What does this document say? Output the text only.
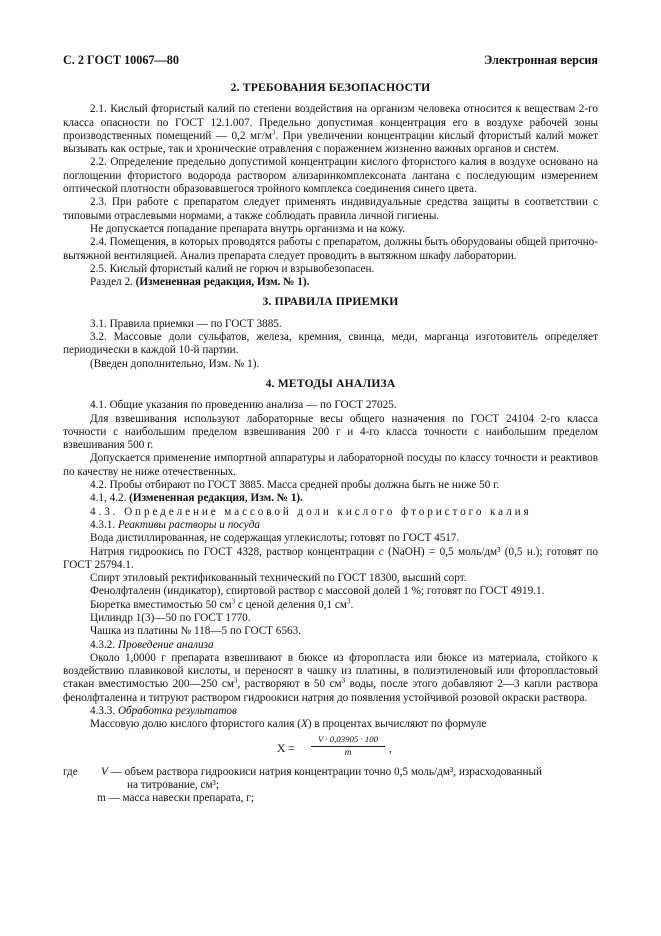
С. 2 ГОСТ 10067—80	Электронная версия
2. ТРЕБОВАНИЯ БЕЗОПАСНОСТИ

2.1. Кислый фтористый калий по степени воздействия на организм человека относится к веществам 2-го класса опасности по ГОСТ 12.1.007. Предельно допустимая концентрация его в воздухе рабочей зоны производственных помещений — 0,2 $мг/м^3$. При увеличении концентрации кислый фтористый калий может вызывать как острые, так и хронические отравления с поражением жизненно важных органов и систем.

2.2. Определение предельно допустимой концентрации кислого фтористого калия в воздухе основано на поглощении фтористого водорода раствором ализаринкомплексоната лантана с последующим измерением оптической плотности образовавшегося тройного комплекса соединения синего цвета.

2.3. При работе с препаратом следует применять индивидуальные средства защиты в соответствии с типовыми отраслевыми нормами, а также соблюдать правила личной гигиены.

Не допускается попадание препарата внутрь организма и на кожу.

2.4. Помещения, в которых проводятся работы с препаратом, должны быть оборудованы общей приточно-вытяжной вентиляцией. Анализ препарата следует проводить в вытяжном шкафу лаборатории.

2.5. Кислый фтористый калий не горюч и взрывобезопасен.

Раздел 2. (Измененная редакция, Изм. № 1).

3. ПРАВИЛА ПРИЕМКИ

3.1. Правила приемки — по ГОСТ 3885.

3.2. Массовые доли сульфатов, железа, кремния, свинца, меди, марганца изготовитель определяет периодически в каждой 10-й партии.

(Введен дополнительно, Изм. № 1).

4. МЕТОДЫ АНАЛИЗА

4.1. Общие указания по проведению анализа — по ГОСТ 27025.

Для взвешивания используют лабораторные весы общего назначения по ГОСТ 24104 2-го класса точности с наибольшим пределом взвешивания 200 г и 4-го класса точности с наибольшим пределом взвешивания 500 г.

Допускается применение импортной аппаратуры и лабораторной посуды по классу точности и реактивов по качеству не ниже отечественных.

4.2. Пробы отбирают по ГОСТ 3885. Масса средней пробы должна быть не ниже 50 г.

4.1, 4.2. (Измененная редакция, Изм. № 1).

4.3. Определение массовой доли кислого фтористого калия

4.3.1. Реактивы растворы и посуда

Вода дистиллированная, не содержащая углекислоты; готовят по ГОСТ 4517.

Натрия гидроокись по ГОСТ 4328, раствор концентрации c (NaOH) = 0,5 моль/дм³ (0,5 н.); готовят по ГОСТ 25794.1.

Спирт этиловый ректификованный технический по ГОСТ 18300, высший сорт.

Фенолфталеин (индикатор), спиртовой раствор с массовой долей 1 %; готовят по ГОСТ 4919.1.

Бюретка вместимостью 50 $см^3$ с ценой деления 0,1 $см^3$.

Цилиндр 1(3)—50 по ГОСТ 1770.

Чашка из платины № 118—5 по ГОСТ 6563.

4.3.2. Проведение анализа

Около 1,0000 г препарата взвешивают в бюксе из фторопласта или бюксе из материала, стойкого к воздействию плавиковой кислоты, и переносят в чашку из платины, в полиэтиленовый или фторопластовый стакан вместимостью 200—250 $см^3$, растворяют в 50 $см^3$ воды, после этого добавляют 2—3 капли раствора фенолфталеина и титруют раствором гидроокиси натрия до появления устойчивой розовой окраски раствора.

4.3.3. Обработка результатов

Массовую долю кислого фтористого калия (X) в процентах вычисляют по формуле

X =
V · 0,03905 · 100
m	,

где V — объем раствора гидроокиси натрия концентрации точно 0,5 моль/дм³, израсходованный

на титрование, см³;

m — масса навески препарата, г;
